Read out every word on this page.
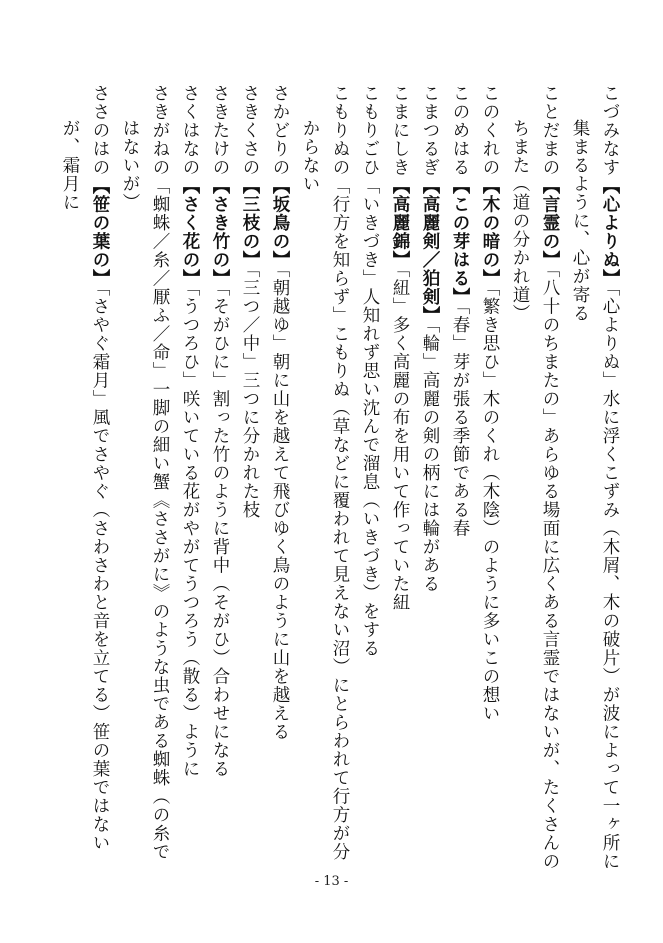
こづみなす【心よりぬ】「心よりぬ」水に浮くこずみ（木屑、木の破片）が波によって一ヶ所に集まるように、心が寄る
ことだまの【言霊の】「八十のちまたの」あらゆる場面に広くある言霊ではないが、たくさんのちまた（道の分かれ道）
このくれの【木の暗の】「繁き思ひ」木のくれ（木陰）のように多いこの想い
このめはる【この芽はる】「春」芽が張る季節である春
こまつるぎ【高麗剣／狛剣】「輪」高麗の剣の柄には輪がある
こまにしき【高麗錦】「紐」多く高麗の布を用いて作っていた紐
こもりごひ「いきづき」人知れず思い沈んで溜息（いきづき）をする
こもりぬの「行方を知らず」こもりぬ（草などに覆われて見えない沼）にとらわれて行方が分からない
さかどりの【坂鳥の】「朝越ゆ」朝に山を越えて飛びゆく鳥のように山を越える
さきくさの【三枝の】「三つ／中」三つに分かれた枝
さきたけの【さき竹の】「そがひに」割った竹のように背中（そがひ）合わせになる
さくはなの【さく花の】「うつろひ」咲いている花がやがてうつろう（散る）ように
さきがねの「蜘蛛／糸／厭ふ／命」一脚の細い蟹《ささがに》のような虫である蜘蛛（の糸ではないが）
ささのはの【笹の葉の】「さやぐ霜月」風でさやぐ（さわさわと音を立てる）笹の葉ではないが、霜月に
- 13 -
